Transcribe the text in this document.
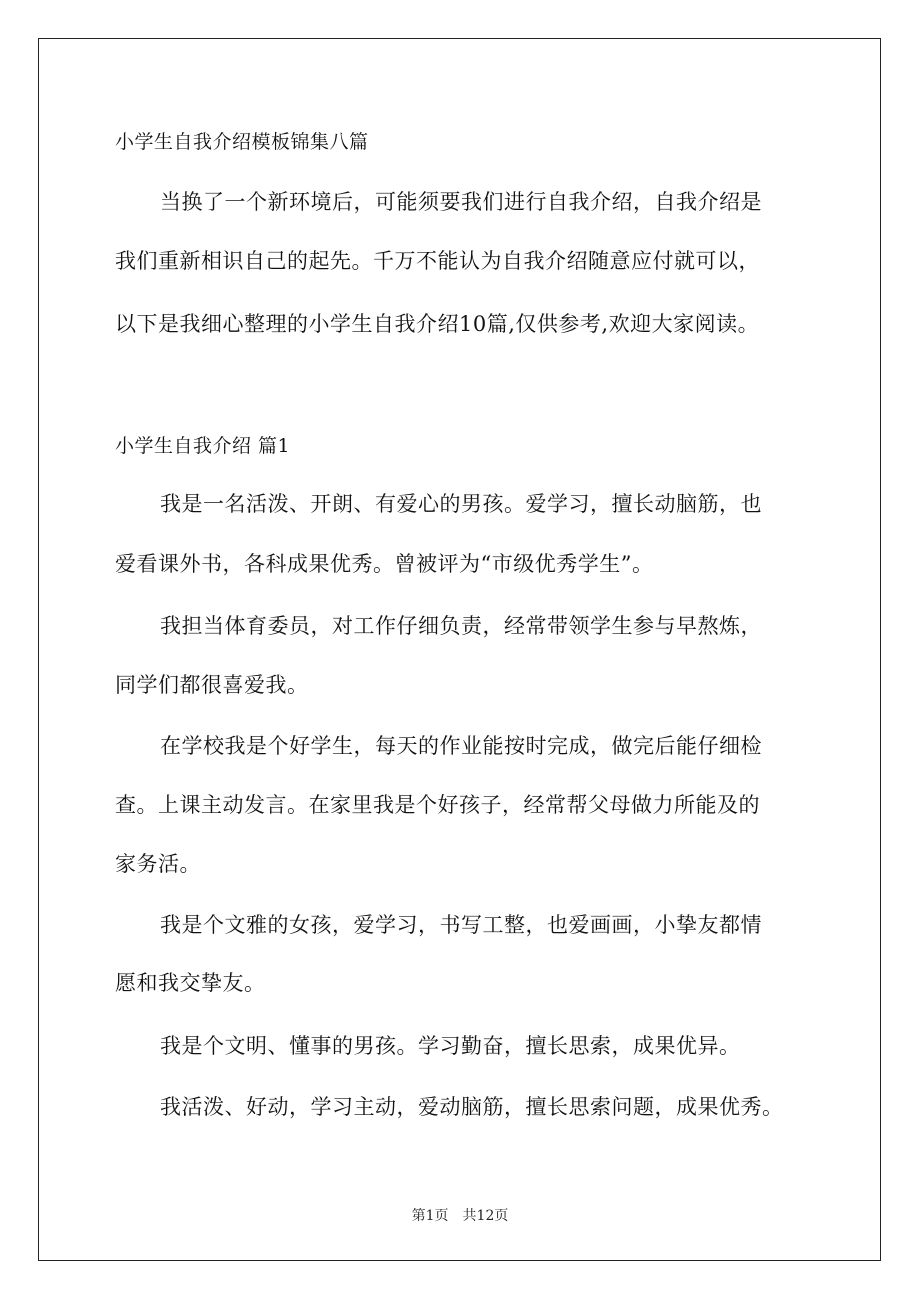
小学生自我介绍模板锦集八篇
当换了一个新环境后，可能须要我们进行自我介绍，自我介绍是
我们重新相识自己的起先。千万不能认为自我介绍随意应付就可以，
以下是我细心整理的小学生自我介绍10篇,仅供参考,欢迎大家阅读。
小学生自我介绍 篇1
我是一名活泼、开朗、有爱心的男孩。爱学习，擅长动脑筋，也
爱看课外书，各科成果优秀。曾被评为“市级优秀学生”。
我担当体育委员，对工作仔细负责，经常带领学生参与早熬炼，
同学们都很喜爱我。
在学校我是个好学生，每天的作业能按时完成，做完后能仔细检
查。上课主动发言。在家里我是个好孩子，经常帮父母做力所能及的
家务活。
我是个文雅的女孩，爱学习，书写工整，也爱画画，小挚友都情
愿和我交挚友。
我是个文明、懂事的男孩。学习勤奋，擅长思索，成果优异。
我活泼、好动，学习主动，爱动脑筋，擅长思索问题，成果优秀。
第1页 共12页
